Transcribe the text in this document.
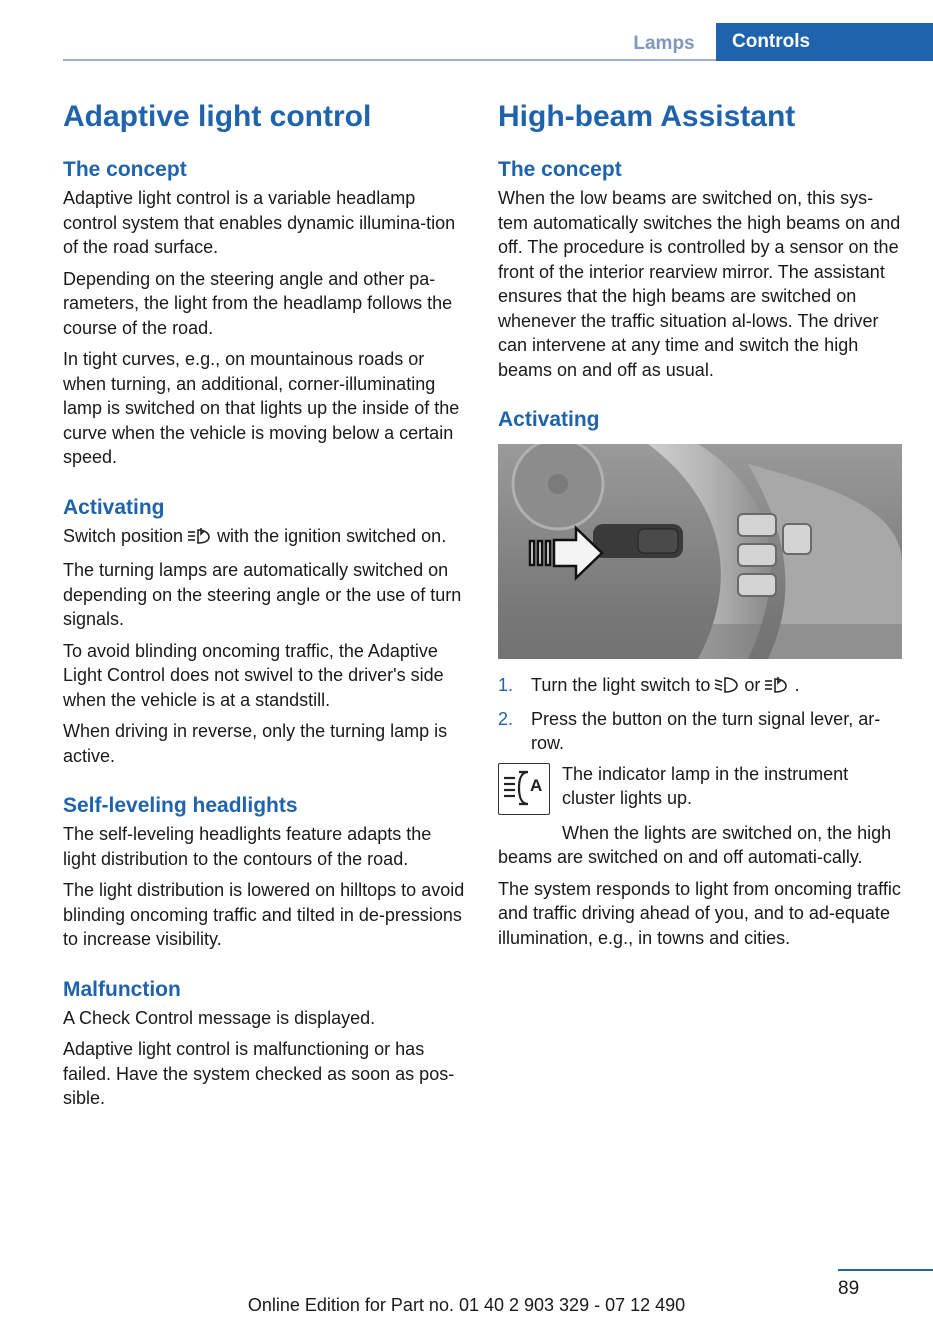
Lamps	Controls
Adaptive light control
The concept

Adaptive light control is a variable headlamp control system that enables dynamic illumina-tion of the road surface.

Depending on the steering angle and other pa-rameters, the light from the headlamp follows the course of the road.

In tight curves, e.g., on mountainous roads or when turning, an additional, corner-illuminating lamp is switched on that lights up the inside of the curve when the vehicle is moving below a certain speed.

Activating

Switch position with the ignition switched on.

The turning lamps are automatically switched on depending on the steering angle or the use of turn signals.

To avoid blinding oncoming traffic, the Adaptive Light Control does not swivel to the driver's side when the vehicle is at a standstill.

When driving in reverse, only the turning lamp is active.

Self-leveling headlights

The self-leveling headlights feature adapts the light distribution to the contours of the road.

The light distribution is lowered on hilltops to avoid blinding oncoming traffic and tilted in de-pressions to increase visibility.

Malfunction

A Check Control message is displayed.

Adaptive light control is malfunctioning or has failed. Have the system checked as soon as pos-sible.

High-beam Assistant
The concept

When the low beams are switched on, this sys-tem automatically switches the high beams on and off. The procedure is controlled by a sensor on the front of the interior rearview mirror. The assistant ensures that the high beams are switched on whenever the traffic situation al-lows. The driver can intervene at any time and switch the high beams on and off as usual.

Activating
1. Turn the light switch to or .
2. Press the button on the turn signal lever, ar-row.
A

The indicator lamp in the instrument cluster lights up.

When the lights are switched on, the high beams are switched on and off automati-cally.

The system responds to light from oncoming traffic and traffic driving ahead of you, and to ad-equate illumination, e.g., in towns and cities.

89
Online Edition for Part no. 01 40 2 903 329 - 07 12 490
